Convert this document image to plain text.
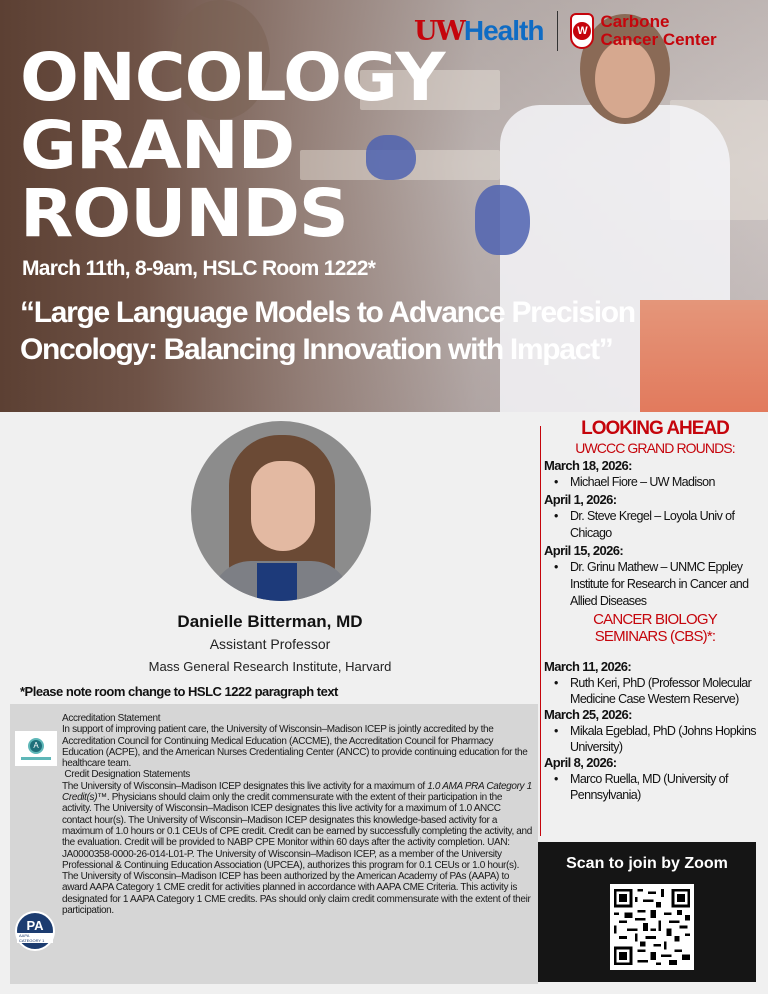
UW Health	W Carbone
Cancer Center
ONCOLOGY
GRAND
ROUNDS
March 11th, 8-9am, HSLC Room 1222*
“Large Language Models to Advance Precision
Oncology: Balancing Innovation with Impact”
Danielle Bitterman, MD
Assistant Professor
Mass General Research Institute, Harvard
*Please note room change to HSLC 1222 paragraph text
A
PA
AAPA CATEGORY 1
Accreditation Statement
In support of improving patient care, the University of Wisconsin–Madison ICEP is jointly accredited by the Accreditation Council for Continuing Medical Education (ACCME), the Accreditation Council for Pharmacy Education (ACPE), and the American Nurses Credentialing Center (ANCC) to provide continuing education for the healthcare team.
Credit Designation Statements
The University of Wisconsin–Madison ICEP designates this live activity for a maximum of 1.0 AMA PRA Category 1 Credit(s)™. Physicians should claim only the credit commensurate with the extent of their participation in the activity. The University of Wisconsin–Madison ICEP designates this live activity for a maximum of 1.0 ANCC contact hour(s). The University of Wisconsin–Madison ICEP designates this knowledge-based activity for a maximum of 1.0 hours or 0.1 CEUs of CPE credit. Credit can be earned by successfully completing the activity, and the evaluation. Credit will be provided to NABP CPE Monitor within 60 days after the activity completion. UAN: JA0000358-0000-26-014-L01-P. The University of Wisconsin–Madison ICEP, as a member of the University Professional & Continuing Education Association (UPCEA), authorizes this program for 0.1 CEUs or 1.0 hour(s).
The University of Wisconsin–Madison ICEP has been authorized by the American Academy of PAs (AAPA) to award AAPA Category 1 CME credit for activities planned in accordance with AAPA CME Criteria. This activity is designated for 1 AAPA Category 1 CME credits. PAs should only claim credit commensurate with the extent of their participation.
LOOKING AHEAD
UWCCC GRAND ROUNDS:
March 18, 2026:
• Michael Fiore – UW Madison
April 1, 2026:
• Dr. Steve Kregel – Loyola Univ of Chicago
April 15, 2026:
• Dr. Grinu Mathew – UNMC Eppley Institute for Research in Cancer and Allied Diseases
CANCER BIOLOGY SEMINARS (CBS)*:
March 11, 2026:
• Ruth Keri, PhD (Professor Molecular Medicine Case Western Reserve)
March 25, 2026:
• Mikala Egeblad, PhD (Johns Hopkins University)
April 8, 2026:
• Marco Ruella, MD (University of Pennsylvania)
Scan to join by Zoom
